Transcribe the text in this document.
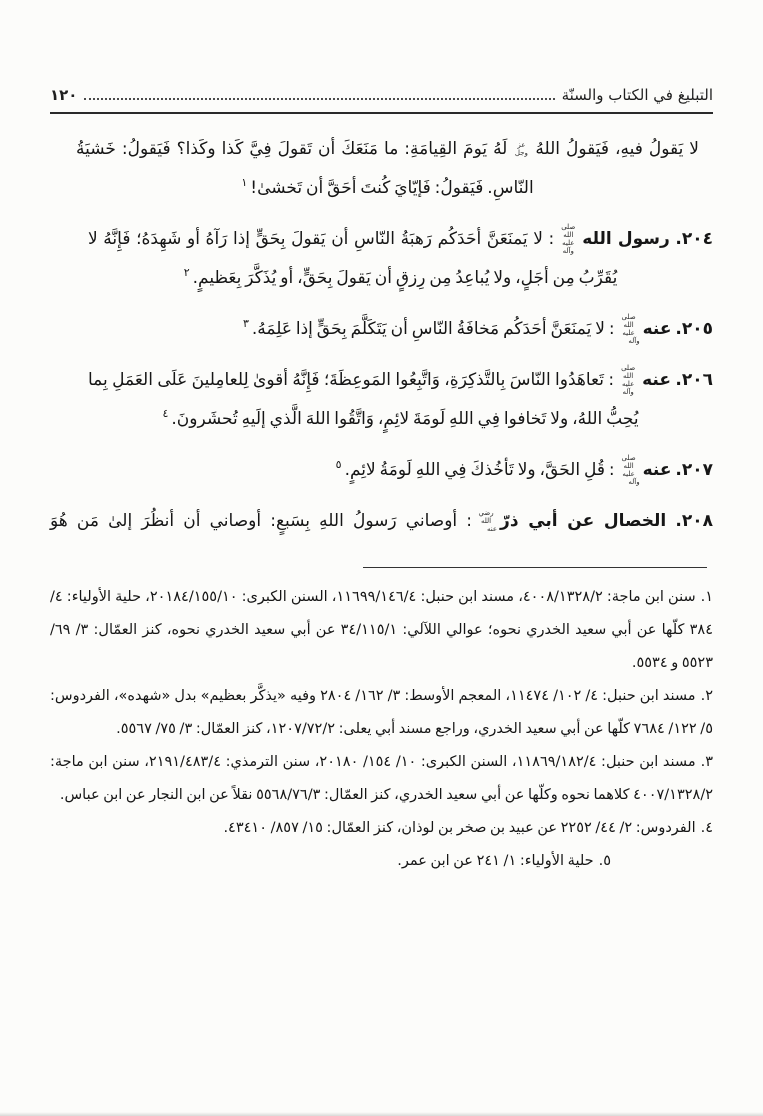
التبليغ في الكتاب والسنّة
١٢٠

لا يَقولُ فيهِ، فَيَقولُ اللهُعز وجللَهُ يَومَ القِيامَةِ: ما مَنَعَكَ أن تَقولَ فِيَّ كَذا وكَذا؟ فَيَقولُ: خَشيَةُ النّاسِ. فَيَقولُ: فَإيّايَ كُنتَ أحَقَّ أن تَخشىٰ!$^١$

٢٠٤. رسول اللهصلى الله عليه وآله: لا يَمنَعَنَّ أحَدَكُم رَهبَةُ النّاسِ أن يَقولَ بِحَقٍّ إذا رَآهُ أو شَهِدَهُ؛ فَإِنَّهُ لا يُقَرِّبُ مِن أجَلٍ، ولا يُباعِدُ مِن رِزقٍ أن يَقولَ بِحَقٍّ، أو يُذَكَّرَ بِعَظيمٍ.$^٢$

٢٠٥. عنهصلى الله عليه وآله: لا يَمنَعَنَّ أحَدَكُم مَخافَةُ النّاسِ أن يَتَكَلَّمَ بِحَقٍّ إذا عَلِمَهُ.$^٣$

٢٠٦. عنهصلى الله عليه وآله: تَعاهَدُوا النّاسَ بِالتَّذكِرَةِ، وَاتَّبِعُوا المَوعِظَةَ؛ فَإِنَّهُ أقوىٰ لِلعامِلينَ عَلَى العَمَلِ بِما يُحِبُّ اللهُ، ولا تَخافوا فِي اللهِ لَومَةَ لائِمٍ، وَاتَّقُوا اللهَ الَّذي إلَيهِ تُحشَرونَ.$^٤$

٢٠٧. عنهصلى الله عليه وآله: قُلِ الحَقَّ، ولا تَأخُذكَ فِي اللهِ لَومَةُ لائِمٍ.$^٥$

٢٠٨. الخصال عن أبي ذرّرضي الله عنه: أوصاني رَسولُ اللهِ بِسَبعٍ: أوصاني أن أنظُرَ إلىٰ مَن هُوَ

١.سنن ابن ماجة: ٤٠٠٨/١٣٢٨/٢، مسند ابن حنبل: ١١٦٩٩/١٤٦/٤، السنن الكبرى: ٢٠١٨٤/١٥٥/١٠، حلية الأولياء: ٤/ ٣٨٤ كلّها عن أبي سعيد الخدري نحوه؛ عوالي اللآلي: ٣٤/١١٥/١ عن أبي سعيد الخدري نحوه، كنز العمّال: ٣/ ٦٩/ ٥٥٢٣ و ٥٥٣٤.

٢.مسند ابن حنبل: ٤/ ١٠٢/ ١١٤٧٤، المعجم الأوسط: ٣/ ١٦٢/ ٢٨٠٤ وفيه «يذكَّر بعظيم» بدل «شهده»، الفردوس: ٥/ ١٢٢/ ٧٦٨٤ كلّها عن أبي سعيد الخدري، وراجع مسند أبي يعلى: ١٢٠٧/٧٢/٢، كنز العمّال: ٣/ ٧٥/ ٥٥٦٧.

٣.مسند ابن حنبل: ١١٨٦٩/١٨٢/٤، السنن الكبرى: ١٠/ ١٥٤/ ٢٠١٨٠، سنن الترمذي: ٢١٩١/٤٨٣/٤، سنن ابن ماجة: ٤٠٠٧/١٣٢٨/٢ كلاهما نحوه وكلّها عن أبي سعيد الخدري، كنز العمّال: ٥٥٦٨/٧٦/٣ نقلاً عن ابن النجار عن ابن عباس.

٤.الفردوس: ٢/ ٤٤/ ٢٢٥٢ عن عبيد بن صخر بن لوذان، كنز العمّال: ١٥/ ٨٥٧/ ٤٣٤١٠.

٥.حلية الأولياء: ١/ ٢٤١ عن ابن عمر.
